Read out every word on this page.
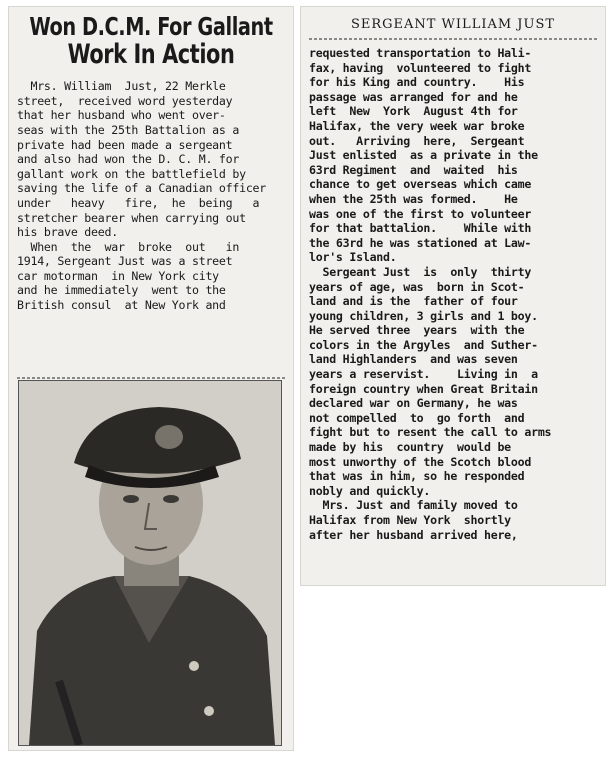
Won D.C.M. For Gallant
Work In Action
Mrs. William  Just, 22 Merkle
street,  received word yesterday
that her husband who went over-
seas with the 25th Battalion as a
private had been made a sergeant
and also had won the D. C. M. for
gallant work on the battlefield by
saving the life of a Canadian officer
under   heavy   fire,  he  being   a
stretcher bearer when carrying out
his brave deed.
When  the  war  broke  out   in
1914, Sergeant Just was a street
car motorman  in New York city
and he immediately  went to the
British consul  at New York and
SERGEANT WILLIAM JUST
requested transportation to Hali-
fax, having  volunteered to fight
for his King and country.    His
passage was arranged for and he
left  New  York  August 4th for
Halifax, the very week war broke
out.   Arriving  here,  Sergeant
Just enlisted  as a private in the
63rd Regiment  and  waited  his
chance to get overseas which came
when the 25th was formed.    He
was one of the first to volunteer
for that battalion.    While with
the 63rd he was stationed at Law-
lor's Island.
Sergeant Just  is  only  thirty
years of age, was  born in Scot-
land and is the  father of four
young children, 3 girls and 1 boy.
He served three  years  with the
colors in the Argyles  and Suther-
land Highlanders  and was seven
years a reservist.    Living in  a
foreign country when Great Britain
declared war on Germany, he was
not compelled  to  go forth  and
fight but to resent the call to arms
made by his  country  would be
most unworthy of the Scotch blood
that was in him, so he responded
nobly and quickly.
Mrs. Just and family moved to
Halifax from New York  shortly
after her husband arrived here,
